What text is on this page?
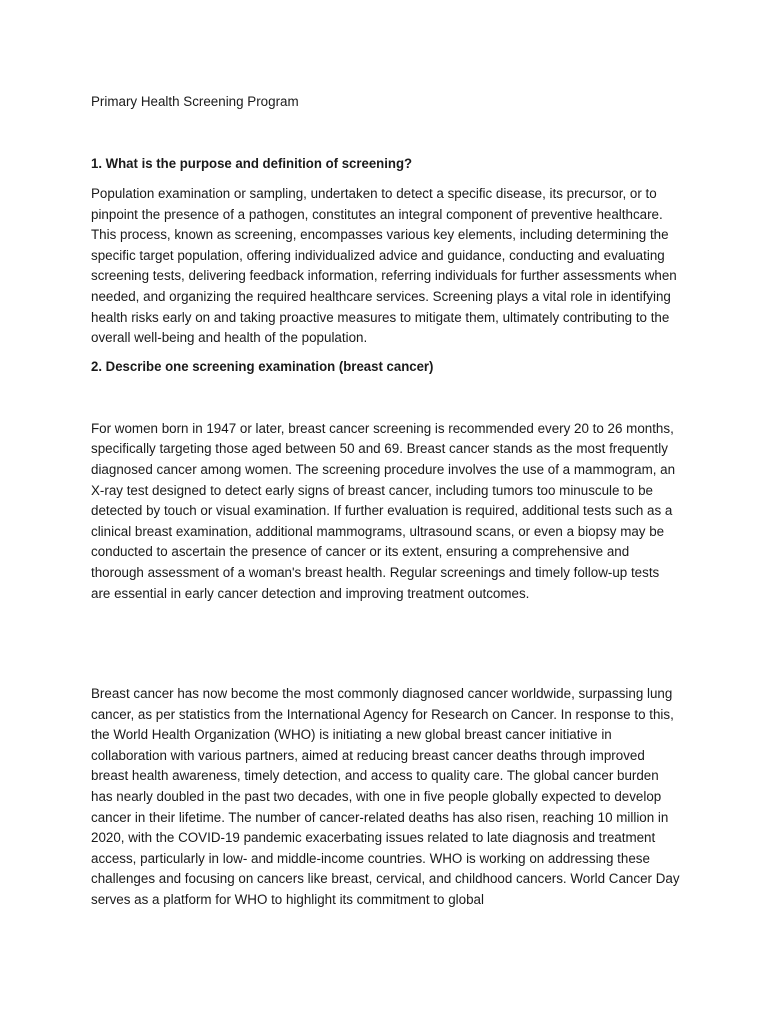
Primary Health Screening Program

1. What is the purpose and definition of screening?

Population examination or sampling, undertaken to detect a specific disease, its precursor, or to pinpoint the presence of a pathogen, constitutes an integral component of preventive healthcare. This process, known as screening, encompasses various key elements, including determining the specific target population, offering individualized advice and guidance, conducting and evaluating screening tests, delivering feedback information, referring individuals for further assessments when needed, and organizing the required healthcare services. Screening plays a vital role in identifying health risks early on and taking proactive measures to mitigate them, ultimately contributing to the overall well-being and health of the population.

2. Describe one screening examination (breast cancer)

For women born in 1947 or later, breast cancer screening is recommended every 20 to 26 months, specifically targeting those aged between 50 and 69. Breast cancer stands as the most frequently diagnosed cancer among women. The screening procedure involves the use of a mammogram, an X-ray test designed to detect early signs of breast cancer, including tumors too minuscule to be detected by touch or visual examination. If further evaluation is required, additional tests such as a clinical breast examination, additional mammograms, ultrasound scans, or even a biopsy may be conducted to ascertain the presence of cancer or its extent, ensuring a comprehensive and thorough assessment of a woman's breast health. Regular screenings and timely follow-up tests are essential in early cancer detection and improving treatment outcomes.

Breast cancer has now become the most commonly diagnosed cancer worldwide, surpassing lung cancer, as per statistics from the International Agency for Research on Cancer. In response to this, the World Health Organization (WHO) is initiating a new global breast cancer initiative in collaboration with various partners, aimed at reducing breast cancer deaths through improved breast health awareness, timely detection, and access to quality care. The global cancer burden has nearly doubled in the past two decades, with one in five people globally expected to develop cancer in their lifetime. The number of cancer-related deaths has also risen, reaching 10 million in 2020, with the COVID-19 pandemic exacerbating issues related to late diagnosis and treatment access, particularly in low- and middle-income countries. WHO is working on addressing these challenges and focusing on cancers like breast, cervical, and childhood cancers. World Cancer Day serves as a platform for WHO to highlight its commitment to global
